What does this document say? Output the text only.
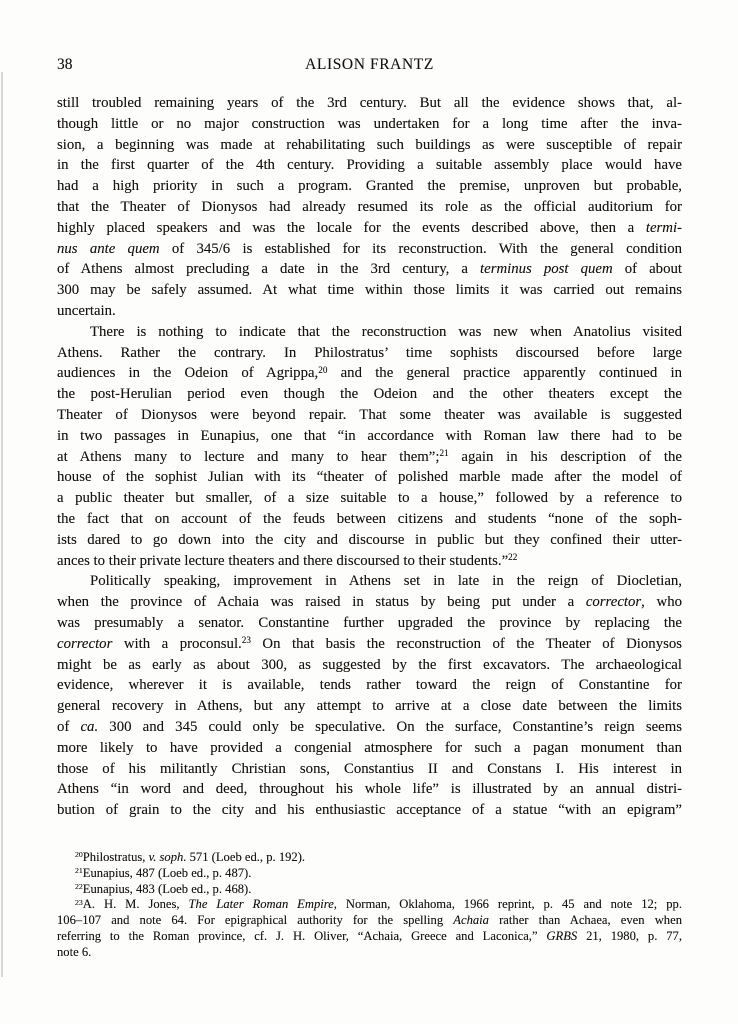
38	ALISON FRANTZ
still troubled remaining years of the 3rd century. But all the evidence shows that, al-
though little or no major construction was undertaken for a long time after the inva-
sion, a beginning was made at rehabilitating such buildings as were susceptible of repair
in the first quarter of the 4th century. Providing a suitable assembly place would have
had a high priority in such a program. Granted the premise, unproven but probable,
that the Theater of Dionysos had already resumed its role as the official auditorium for
highly placed speakers and was the locale for the events described above, then a termi-
nus ante quem of 345/6 is established for its reconstruction. With the general condition
of Athens almost precluding a date in the 3rd century, a terminus post quem of about
300 may be safely assumed. At what time within those limits it was carried out remains
uncertain.
There is nothing to indicate that the reconstruction was new when Anatolius visited
Athens. Rather the contrary. In Philostratus’ time sophists discoursed before large
audiences in the Odeion of Agrippa,$^{20}$ and the general practice apparently continued in
the post-Herulian period even though the Odeion and the other theaters except the
Theater of Dionysos were beyond repair. That some theater was available is suggested
in two passages in Eunapius, one that “in accordance with Roman law there had to be
at Athens many to lecture and many to hear them”;$^{21}$ again in his description of the
house of the sophist Julian with its “theater of polished marble made after the model of
a public theater but smaller, of a size suitable to a house,” followed by a reference to
the fact that on account of the feuds between citizens and students “none of the soph-
ists dared to go down into the city and discourse in public but they confined their utter-
ances to their private lecture theaters and there discoursed to their students.”$^{22}$
Politically speaking, improvement in Athens set in late in the reign of Diocletian,
when the province of Achaia was raised in status by being put under a corrector, who
was presumably a senator. Constantine further upgraded the province by replacing the
corrector with a proconsul.$^{23}$ On that basis the reconstruction of the Theater of Dionysos
might be as early as about 300, as suggested by the first excavators. The archaeological
evidence, wherever it is available, tends rather toward the reign of Constantine for
general recovery in Athens, but any attempt to arrive at a close date between the limits
of ca. 300 and 345 could only be speculative. On the surface, Constantine’s reign seems
more likely to have provided a congenial atmosphere for such a pagan monument than
those of his militantly Christian sons, Constantius II and Constans I. His interest in
Athens “in word and deed, throughout his whole life” is illustrated by an annual distri-
bution of grain to the city and his enthusiastic acceptance of a statue “with an epigram”
$^{20}$Philostratus, v. soph. 571 (Loeb ed., p. 192).
$^{21}$Eunapius, 487 (Loeb ed., p. 487).
$^{22}$Eunapius, 483 (Loeb ed., p. 468).
$^{23}$A. H. M. Jones, The Later Roman Empire, Norman, Oklahoma, 1966 reprint, p. 45 and note 12; pp.
106–107 and note 64. For epigraphical authority for the spelling Achaia rather than Achaea, even when
referring to the Roman province, cf. J. H. Oliver, “Achaia, Greece and Laconica,” GRBS 21, 1980, p. 77,
note 6.
